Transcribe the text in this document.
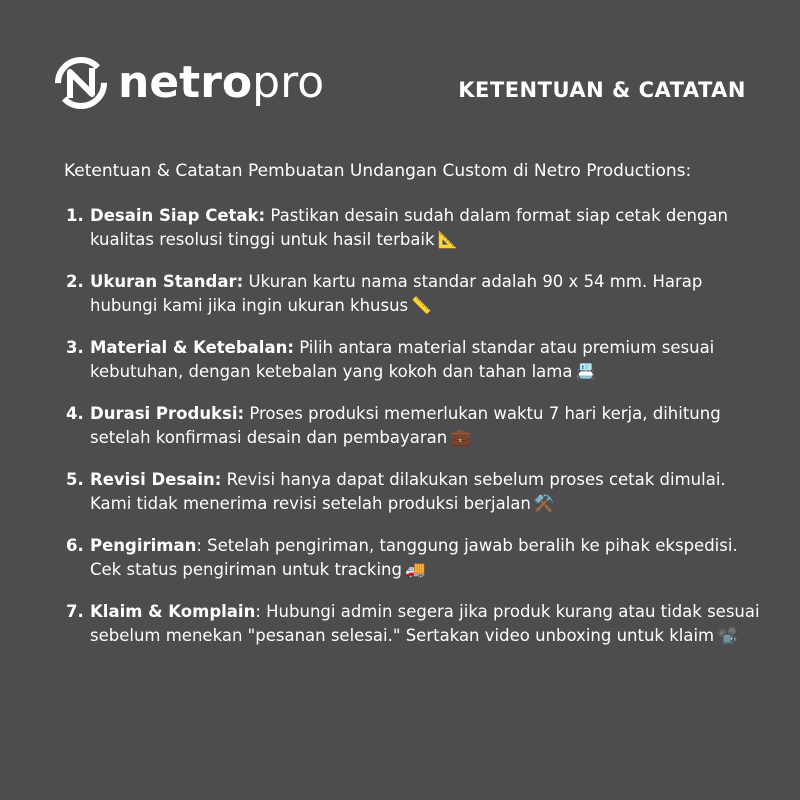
netropro	KETENTUAN & CATATAN
Ketentuan & Catatan Pembuatan Undangan Custom di Netro Productions:
1. Desain Siap Cetak: Pastikan desain sudah dalam format siap cetak dengan kualitas resolusi tinggi untuk hasil terbaik 📐
2. Ukuran Standar: Ukuran kartu nama standar adalah 90 x 54 mm. Harap hubungi kami jika ingin ukuran khusus 📏
3. Material & Ketebalan: Pilih antara material standar atau premium sesuai kebutuhan, dengan ketebalan yang kokoh dan tahan lama 📇
4. Durasi Produksi: Proses produksi memerlukan waktu 7 hari kerja, dihitung setelah konfirmasi desain dan pembayaran 💼
5. Revisi Desain: Revisi hanya dapat dilakukan sebelum proses cetak dimulai. Kami tidak menerima revisi setelah produksi berjalan ⚒️
6. Pengiriman: Setelah pengiriman, tanggung jawab beralih ke pihak ekspedisi. Cek status pengiriman untuk tracking 🚚
7. Klaim & Komplain: Hubungi admin segera jika produk kurang atau tidak sesuai sebelum menekan "pesanan selesai." Sertakan video unboxing untuk klaim 📽️
